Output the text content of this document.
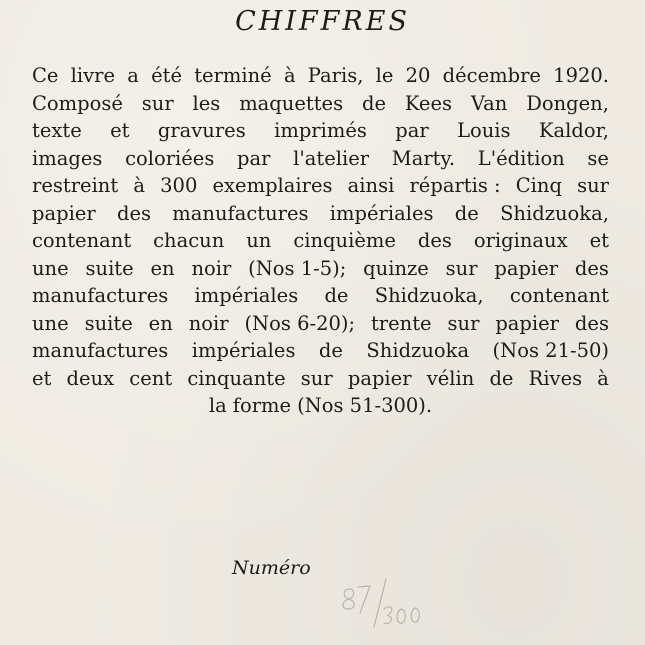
CHIFFRES
Ce livre a été terminé à Paris, le 20 décembre 1920.
Composé sur les maquettes de Kees Van Dongen,
texte et gravures imprimés par Louis Kaldor,
images coloriées par l'atelier Marty. L'édition se
restreint à 300 exemplaires ainsi répartis : Cinq sur
papier des manufactures impériales de Shidzuoka,
contenant chacun un cinquième des originaux et
une suite en noir (Nos 1-5); quinze sur papier des
manufactures impériales de Shidzuoka, contenant
une suite en noir (Nos 6-20); trente sur papier des
manufactures impériales de Shidzuoka (Nos 21-50)
et deux cent cinquante sur papier vélin de Rives à
la forme (Nos 51-300).
Numéro
